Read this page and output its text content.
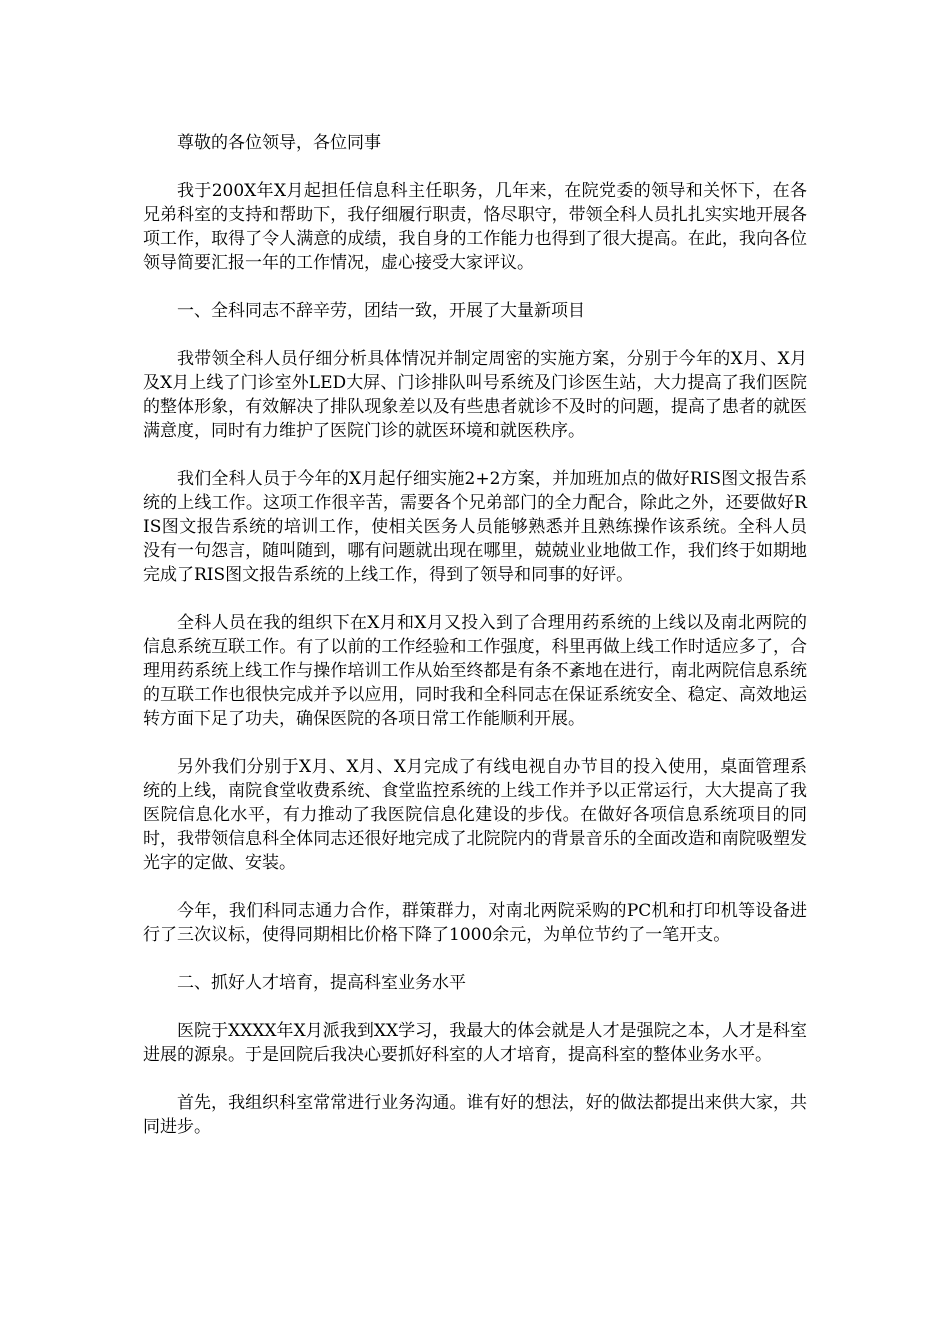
尊敬的各位领导，各位同事

我于200X年X月起担任信息科主任职务，几年来，在院党委的领导和关怀下，在各兄弟科室的支持和帮助下，我仔细履行职责，恪尽职守，带领全科人员扎扎实实地开展各项工作，取得了令人满意的成绩，我自身的工作能力也得到了很大提高。在此，我向各位领导简要汇报一年的工作情况，虚心接受大家评议。

一、全科同志不辞辛劳，团结一致，开展了大量新项目

我带领全科人员仔细分析具体情况并制定周密的实施方案，分别于今年的X月、X月及X月上线了门诊室外LED大屏、门诊排队叫号系统及门诊医生站，大力提高了我们医院的整体形象，有效解决了排队现象差以及有些患者就诊不及时的问题，提高了患者的就医满意度，同时有力维护了医院门诊的就医环境和就医秩序。

我们全科人员于今年的X月起仔细实施2+2方案，并加班加点的做好RIS图文报告系统的上线工作。这项工作很辛苦，需要各个兄弟部门的全力配合，除此之外，还要做好RIS图文报告系统的培训工作，使相关医务人员能够熟悉并且熟练操作该系统。全科人员没有一句怨言，随叫随到，哪有问题就出现在哪里，兢兢业业地做工作，我们终于如期地完成了RIS图文报告系统的上线工作，得到了领导和同事的好评。

全科人员在我的组织下在X月和X月又投入到了合理用药系统的上线以及南北两院的信息系统互联工作。有了以前的工作经验和工作强度，科里再做上线工作时适应多了，合理用药系统上线工作与操作培训工作从始至终都是有条不紊地在进行，南北两院信息系统的互联工作也很快完成并予以应用，同时我和全科同志在保证系统安全、稳定、高效地运转方面下足了功夫，确保医院的各项日常工作能顺利开展。

另外我们分别于X月、X月、X月完成了有线电视自办节目的投入使用，桌面管理系统的上线，南院食堂收费系统、食堂监控系统的上线工作并予以正常运行，大大提高了我医院信息化水平，有力推动了我医院信息化建设的步伐。在做好各项信息系统项目的同时，我带领信息科全体同志还很好地完成了北院院内的背景音乐的全面改造和南院吸塑发光字的定做、安装。

今年，我们科同志通力合作，群策群力，对南北两院采购的PC机和打印机等设备进行了三次议标，使得同期相比价格下降了1000余元，为单位节约了一笔开支。

二、抓好人才培育，提高科室业务水平

医院于XXXX年X月派我到XX学习，我最大的体会就是人才是强院之本，人才是科室进展的源泉。于是回院后我决心要抓好科室的人才培育，提高科室的整体业务水平。

首先，我组织科室常常进行业务沟通。谁有好的想法，好的做法都提出来供大家，共同进步。
